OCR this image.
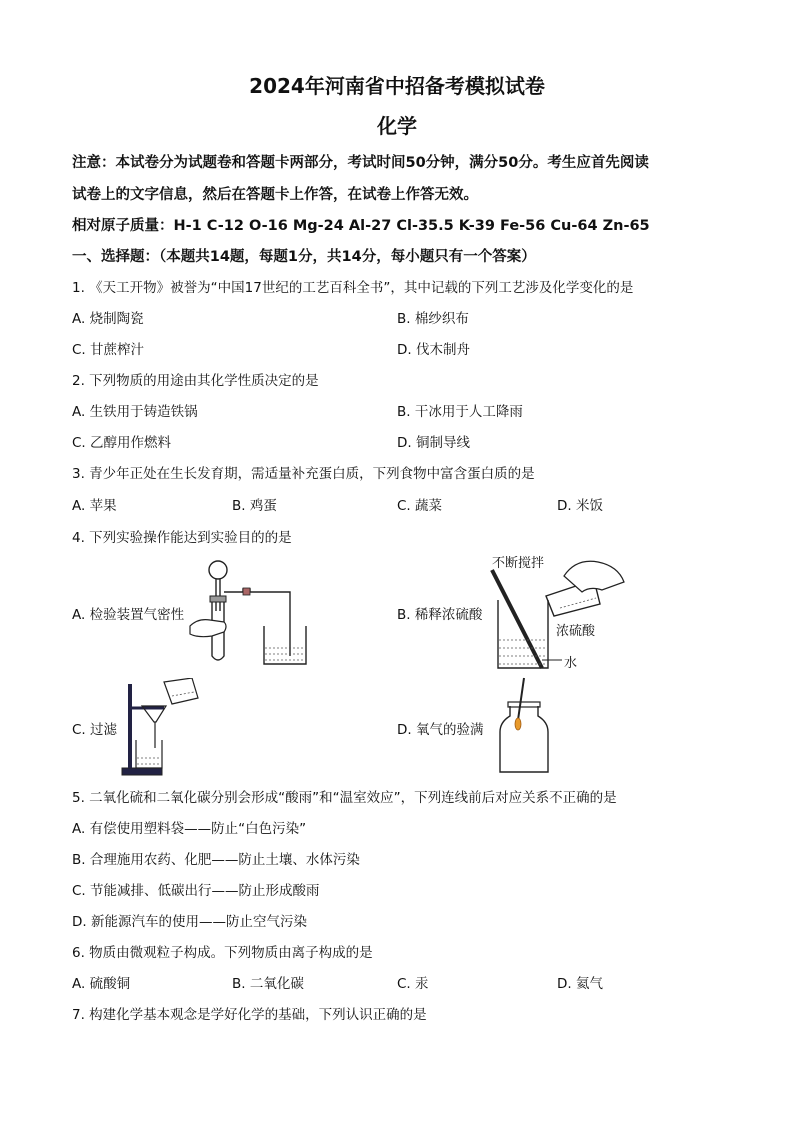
2024年河南省中招备考模拟试卷
化学
注意：本试卷分为试题卷和答题卡两部分，考试时间50分钟，满分50分。考生应首先阅读
试卷上的文字信息，然后在答题卡上作答，在试卷上作答无效。
相对原子质量：H-1 C-12 O-16 Mg-24 Al-27 Cl-35.5 K-39 Fe-56 Cu-64 Zn-65
一、选择题：（本题共14题，每题1分，共14分，每小题只有一个答案）
1. 《天工开物》被誉为“中国17世纪的工艺百科全书”，其中记载的下列工艺涉及化学变化的是
A. 烧制陶瓷	B. 棉纱织布
C. 甘蔗榨汁	D. 伐木制舟
2. 下列物质的用途由其化学性质决定的是
A. 生铁用于铸造铁锅	B. 干冰用于人工降雨
C. 乙醇用作燃料	D. 铜制导线
3. 青少年正处在生长发育期，需适量补充蛋白质，下列食物中富含蛋白质的是
A. 苹果	B. 鸡蛋	C. 蔬菜	D. 米饭
4. 下列实验操作能达到实验目的的是
A. 检验装置气密性	B. 稀释浓硫酸
C. 过滤	D. 氧气的验满
不断搅拌
浓硫酸
水
5. 二氧化硫和二氧化碳分别会形成“酸雨”和“温室效应”，下列连线前后对应关系不正确的是
A. 有偿使用塑料袋——防止“白色污染”
B. 合理施用农药、化肥——防止土壤、水体污染
C. 节能减排、低碳出行——防止形成酸雨
D. 新能源汽车的使用——防止空气污染
6. 物质由微观粒子构成。下列物质由离子构成的是
A. 硫酸铜	B. 二氧化碳	C. 汞	D. 氦气
7. 构建化学基本观念是学好化学的基础，下列认识正确的是
